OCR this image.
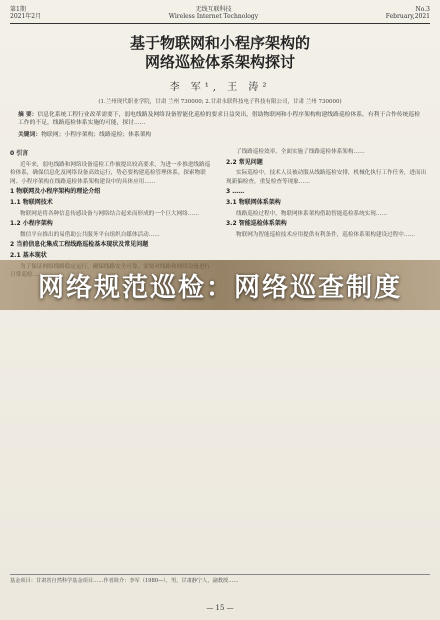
第1期
2021年2月
无线互联科技
Wireless Internet Technology
No.3
February,2021
基于物联网和小程序架构的
网络巡检体系架构探讨
李 军¹, 王 涛²
(1.兰州现代职业学院，甘肃 兰州 730000; 2.甘肃永联科技电子科技有限公司，甘肃 兰州 730000)
摘 要：信息化系统工程行业改革需要下，弱电线路及网络设备智能化巡检的要求日益突出，借助物联网和小程序架构构建线路巡检体系，有利于合作传统巡检工作的不足，线路巡检体系实施的可能，探讨……
关键词：物联网；小程序架构；线路巡检；体系架构
0 引言

近年来，弱电线路和网络设备巡检工作被提出较高要求，为进一步推进线路巡检体系，确保信息化及网络设备高效运行，势必要构建巡检管理体系，探索物联网、小程序架构在线路巡检体系架构建设中的具体应用……

1 物联网及小程序架构的理论介绍
1.1 物联网技术

物联网是将各种信息传感设备与网络结合起来而形成的一个巨大网络……

1.2 小程序架构

微信平台推出的易借助公共服务平台组织自媒体活动……

2 当前信息化集成工程线路巡检基本现状及常见问题
2.1 基本现状

了线路巡检效率，全面实施了线路巡检体系架构……

2.2 常见问题

实际巡检中，技术人员被动服从线路巡检安排，机械化执行工作任务，进而出现新偏检查，重复检查等现象……

3 ……
3.1 物联网体系架构

线路巡检过程中，物联网体系架构借助智能巡检系统实现……

3.2 智能巡检体系架构

物联网为智能巡检技术应用提供有利条件，巡检体系架构建设过程中……

基金项目：甘肃省自然科学基金项目……作者简介：李军（1980—），男，甘肃静宁人，副教授……
— 15 —
网络规范巡检：网络巡查制度
